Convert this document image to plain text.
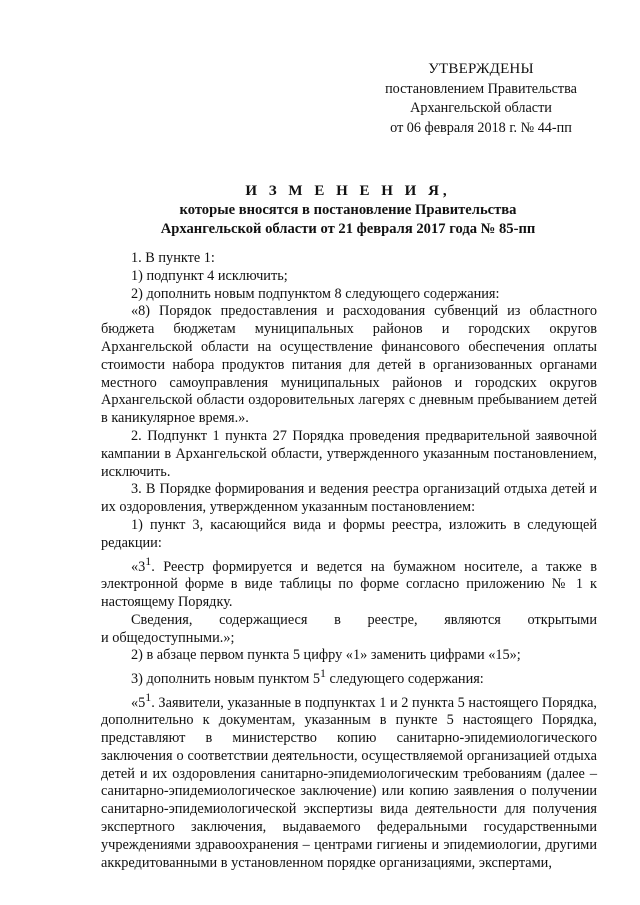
УТВЕРЖДЕНЫ
постановлением Правительства
Архангельской области
от 06 февраля 2018 г. № 44-пп
И З М Е Н Е Н И Я,
которые вносятся в постановление Правительства
Архангельской области от 21 февраля 2017 года № 85-пп

1. В пункте 1:

1) подпункт 4 исключить;

2) дополнить новым подпунктом 8 следующего содержания:

«8) Порядок предоставления и расходования субвенций из областного бюджета бюджетам муниципальных районов и городских округов Архангельской области на осуществление финансового обеспечения оплаты стоимости набора продуктов питания для детей в организованных органами местного самоуправления муниципальных районов и городских округов Архангельской области оздоровительных лагерях с дневным пребыванием детей в каникулярное время.».

2. Подпункт 1 пункта 27 Порядка проведения предварительной заявочной кампании в Архангельской области, утвержденного указанным постановлением, исключить.

3. В Порядке формирования и ведения реестра организаций отдыха детей и их оздоровления, утвержденном указанным постановлением:

1) пункт 3, касающийся вида и формы реестра, изложить в следующей редакции:

«$3^1$. Реестр формируется и ведется на бумажном носителе, а также в электронной форме в виде таблицы по форме согласно приложению № 1 к настоящему Порядку.

Сведения, содержащиеся в реестре, являются открытыми

и общедоступными.»;

2) в абзаце первом пункта 5 цифру «1» заменить цифрами «15»;

3) дополнить новым пунктом $5^1$ следующего содержания:

«$5^1$. Заявители, указанные в подпунктах 1 и 2 пункта 5 настоящего Порядка, дополнительно к документам, указанным в пункте 5 настоящего Порядка, представляют в министерство копию санитарно-эпидемиологического заключения о соответствии деятельности, осуществляемой организацией отдыха детей и их оздоровления санитарно-эпидемиологическим требованиям (далее – санитарно-эпидемиологическое заключение) или копию заявления о получении санитарно-эпидемиологической экспертизы вида деятельности для получения экспертного заключения, выдаваемого федеральными государственными учреждениями здравоохранения – центрами гигиены и эпидемиологии, другими аккредитованными в установленном порядке организациями, экспертами,
